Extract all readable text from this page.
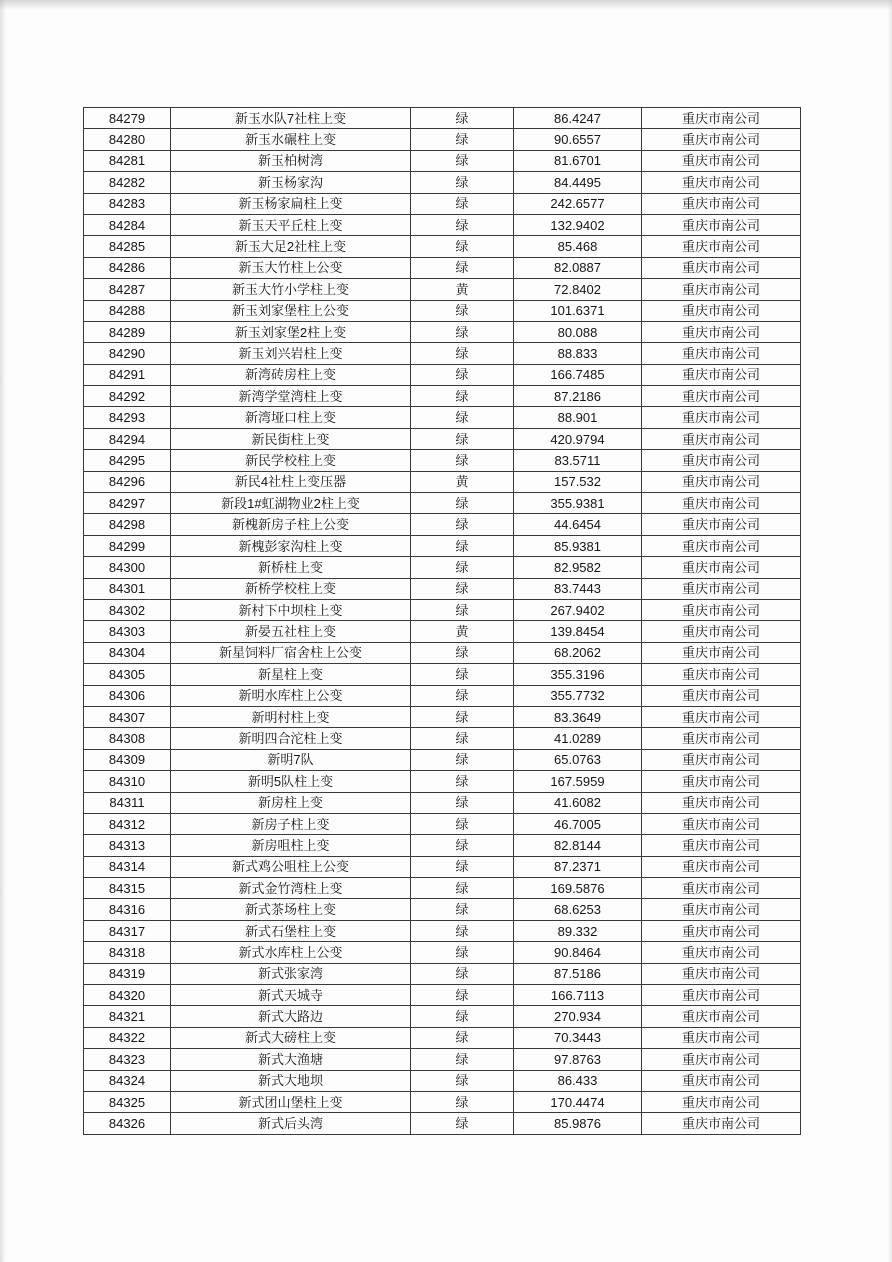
84279	新玉水队7社柱上变	绿	86.4247	重庆市南公司
84280	新玉水碾柱上变	绿	90.6557	重庆市南公司
84281	新玉柏树湾	绿	81.6701	重庆市南公司
84282	新玉杨家沟	绿	84.4495	重庆市南公司
84283	新玉杨家扁柱上变	绿	242.6577	重庆市南公司
84284	新玉天平丘柱上变	绿	132.9402	重庆市南公司
84285	新玉大足2社柱上变	绿	85.468	重庆市南公司
84286	新玉大竹柱上公变	绿	82.0887	重庆市南公司
84287	新玉大竹小学柱上变	黄	72.8402	重庆市南公司
84288	新玉刘家堡柱上公变	绿	101.6371	重庆市南公司
84289	新玉刘家堡2柱上变	绿	80.088	重庆市南公司
84290	新玉刘兴岩柱上变	绿	88.833	重庆市南公司
84291	新湾砖房柱上变	绿	166.7485	重庆市南公司
84292	新湾学堂湾柱上变	绿	87.2186	重庆市南公司
84293	新湾垭口柱上变	绿	88.901	重庆市南公司
84294	新民街柱上变	绿	420.9794	重庆市南公司
84295	新民学校柱上变	绿	83.5711	重庆市南公司
84296	新民4社柱上变压器	黄	157.532	重庆市南公司
84297	新段1#虹湖物业2柱上变	绿	355.9381	重庆市南公司
84298	新槐新房子柱上公变	绿	44.6454	重庆市南公司
84299	新槐彭家沟柱上变	绿	85.9381	重庆市南公司
84300	新桥柱上变	绿	82.9582	重庆市南公司
84301	新桥学校柱上变	绿	83.7443	重庆市南公司
84302	新村下中坝柱上变	绿	267.9402	重庆市南公司
84303	新晏五社柱上变	黄	139.8454	重庆市南公司
84304	新星饲料厂宿舍柱上公变	绿	68.2062	重庆市南公司
84305	新星柱上变	绿	355.3196	重庆市南公司
84306	新明水库柱上公变	绿	355.7732	重庆市南公司
84307	新明村柱上变	绿	83.3649	重庆市南公司
84308	新明四合沱柱上变	绿	41.0289	重庆市南公司
84309	新明7队	绿	65.0763	重庆市南公司
84310	新明5队柱上变	绿	167.5959	重庆市南公司
84311	新房柱上变	绿	41.6082	重庆市南公司
84312	新房子柱上变	绿	46.7005	重庆市南公司
84313	新房咀柱上变	绿	82.8144	重庆市南公司
84314	新式鸡公咀柱上公变	绿	87.2371	重庆市南公司
84315	新式金竹湾柱上变	绿	169.5876	重庆市南公司
84316	新式茶场柱上变	绿	68.6253	重庆市南公司
84317	新式石堡柱上变	绿	89.332	重庆市南公司
84318	新式水库柱上公变	绿	90.8464	重庆市南公司
84319	新式张家湾	绿	87.5186	重庆市南公司
84320	新式天城寺	绿	166.7113	重庆市南公司
84321	新式大路边	绿	270.934	重庆市南公司
84322	新式大磅柱上变	绿	70.3443	重庆市南公司
84323	新式大渔塘	绿	97.8763	重庆市南公司
84324	新式大地坝	绿	86.433	重庆市南公司
84325	新式团山堡柱上变	绿	170.4474	重庆市南公司
84326	新式后头湾	绿	85.9876	重庆市南公司
